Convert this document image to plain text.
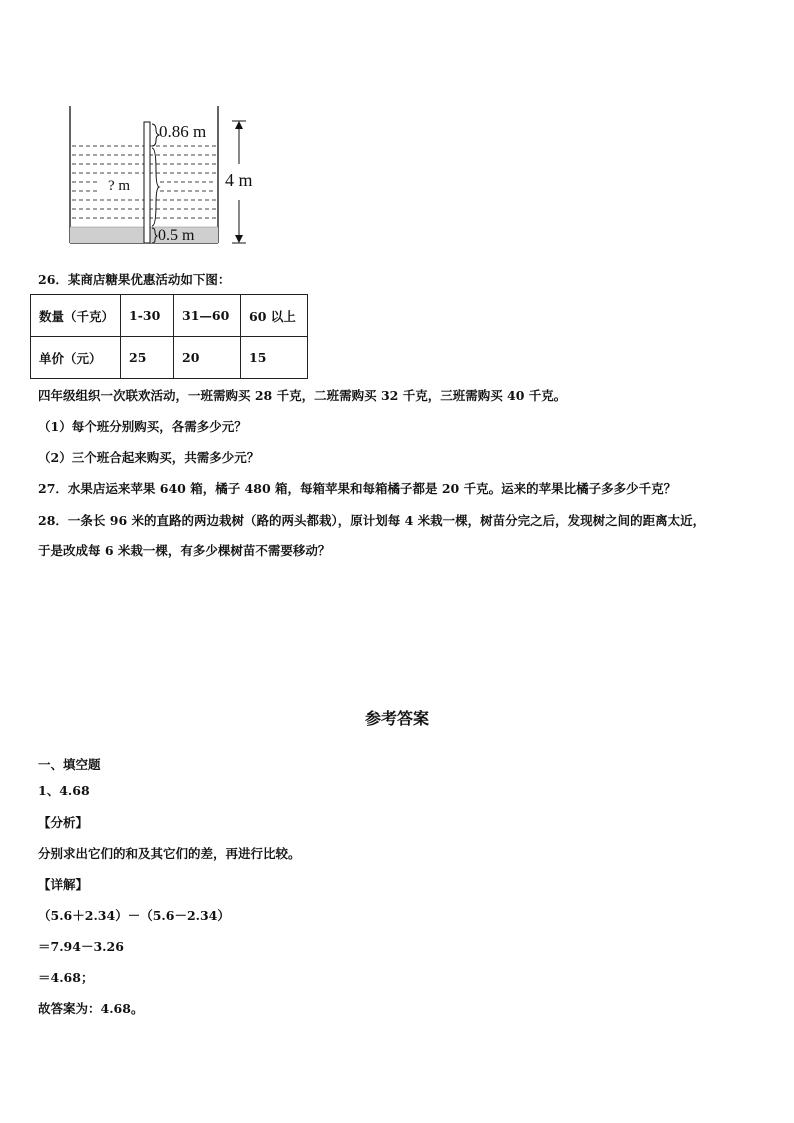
0.86 m
? m
0.5 m
4 m
26．某商店糖果优惠活动如下图：
数量（千克）	1-30	31—60	60 以上
单价（元）	25	20	15
四年级组织一次联欢活动，一班需购买 28 千克，二班需购买 32 千克，三班需购买 40 千克。
（1）每个班分别购买，各需多少元？
（2）三个班合起来购买，共需多少元？
27．水果店运来苹果 640 箱，橘子 480 箱，每箱苹果和每箱橘子都是 20 千克。运来的苹果比橘子多多少千克？
28．一条长 96 米的直路的两边栽树（路的两头都栽），原计划每 4 米栽一棵，树苗分完之后，发现树之间的距离太近，
于是改成每 6 米栽一棵，有多少棵树苗不需要移动？
参考答案
一、填空题
1、4.68
【分析】
分别求出它们的和及其它们的差，再进行比较。
【详解】
（5.6＋2.34）－（5.6－2.34）
＝7.94－3.26
＝4.68；
故答案为：4.68。
